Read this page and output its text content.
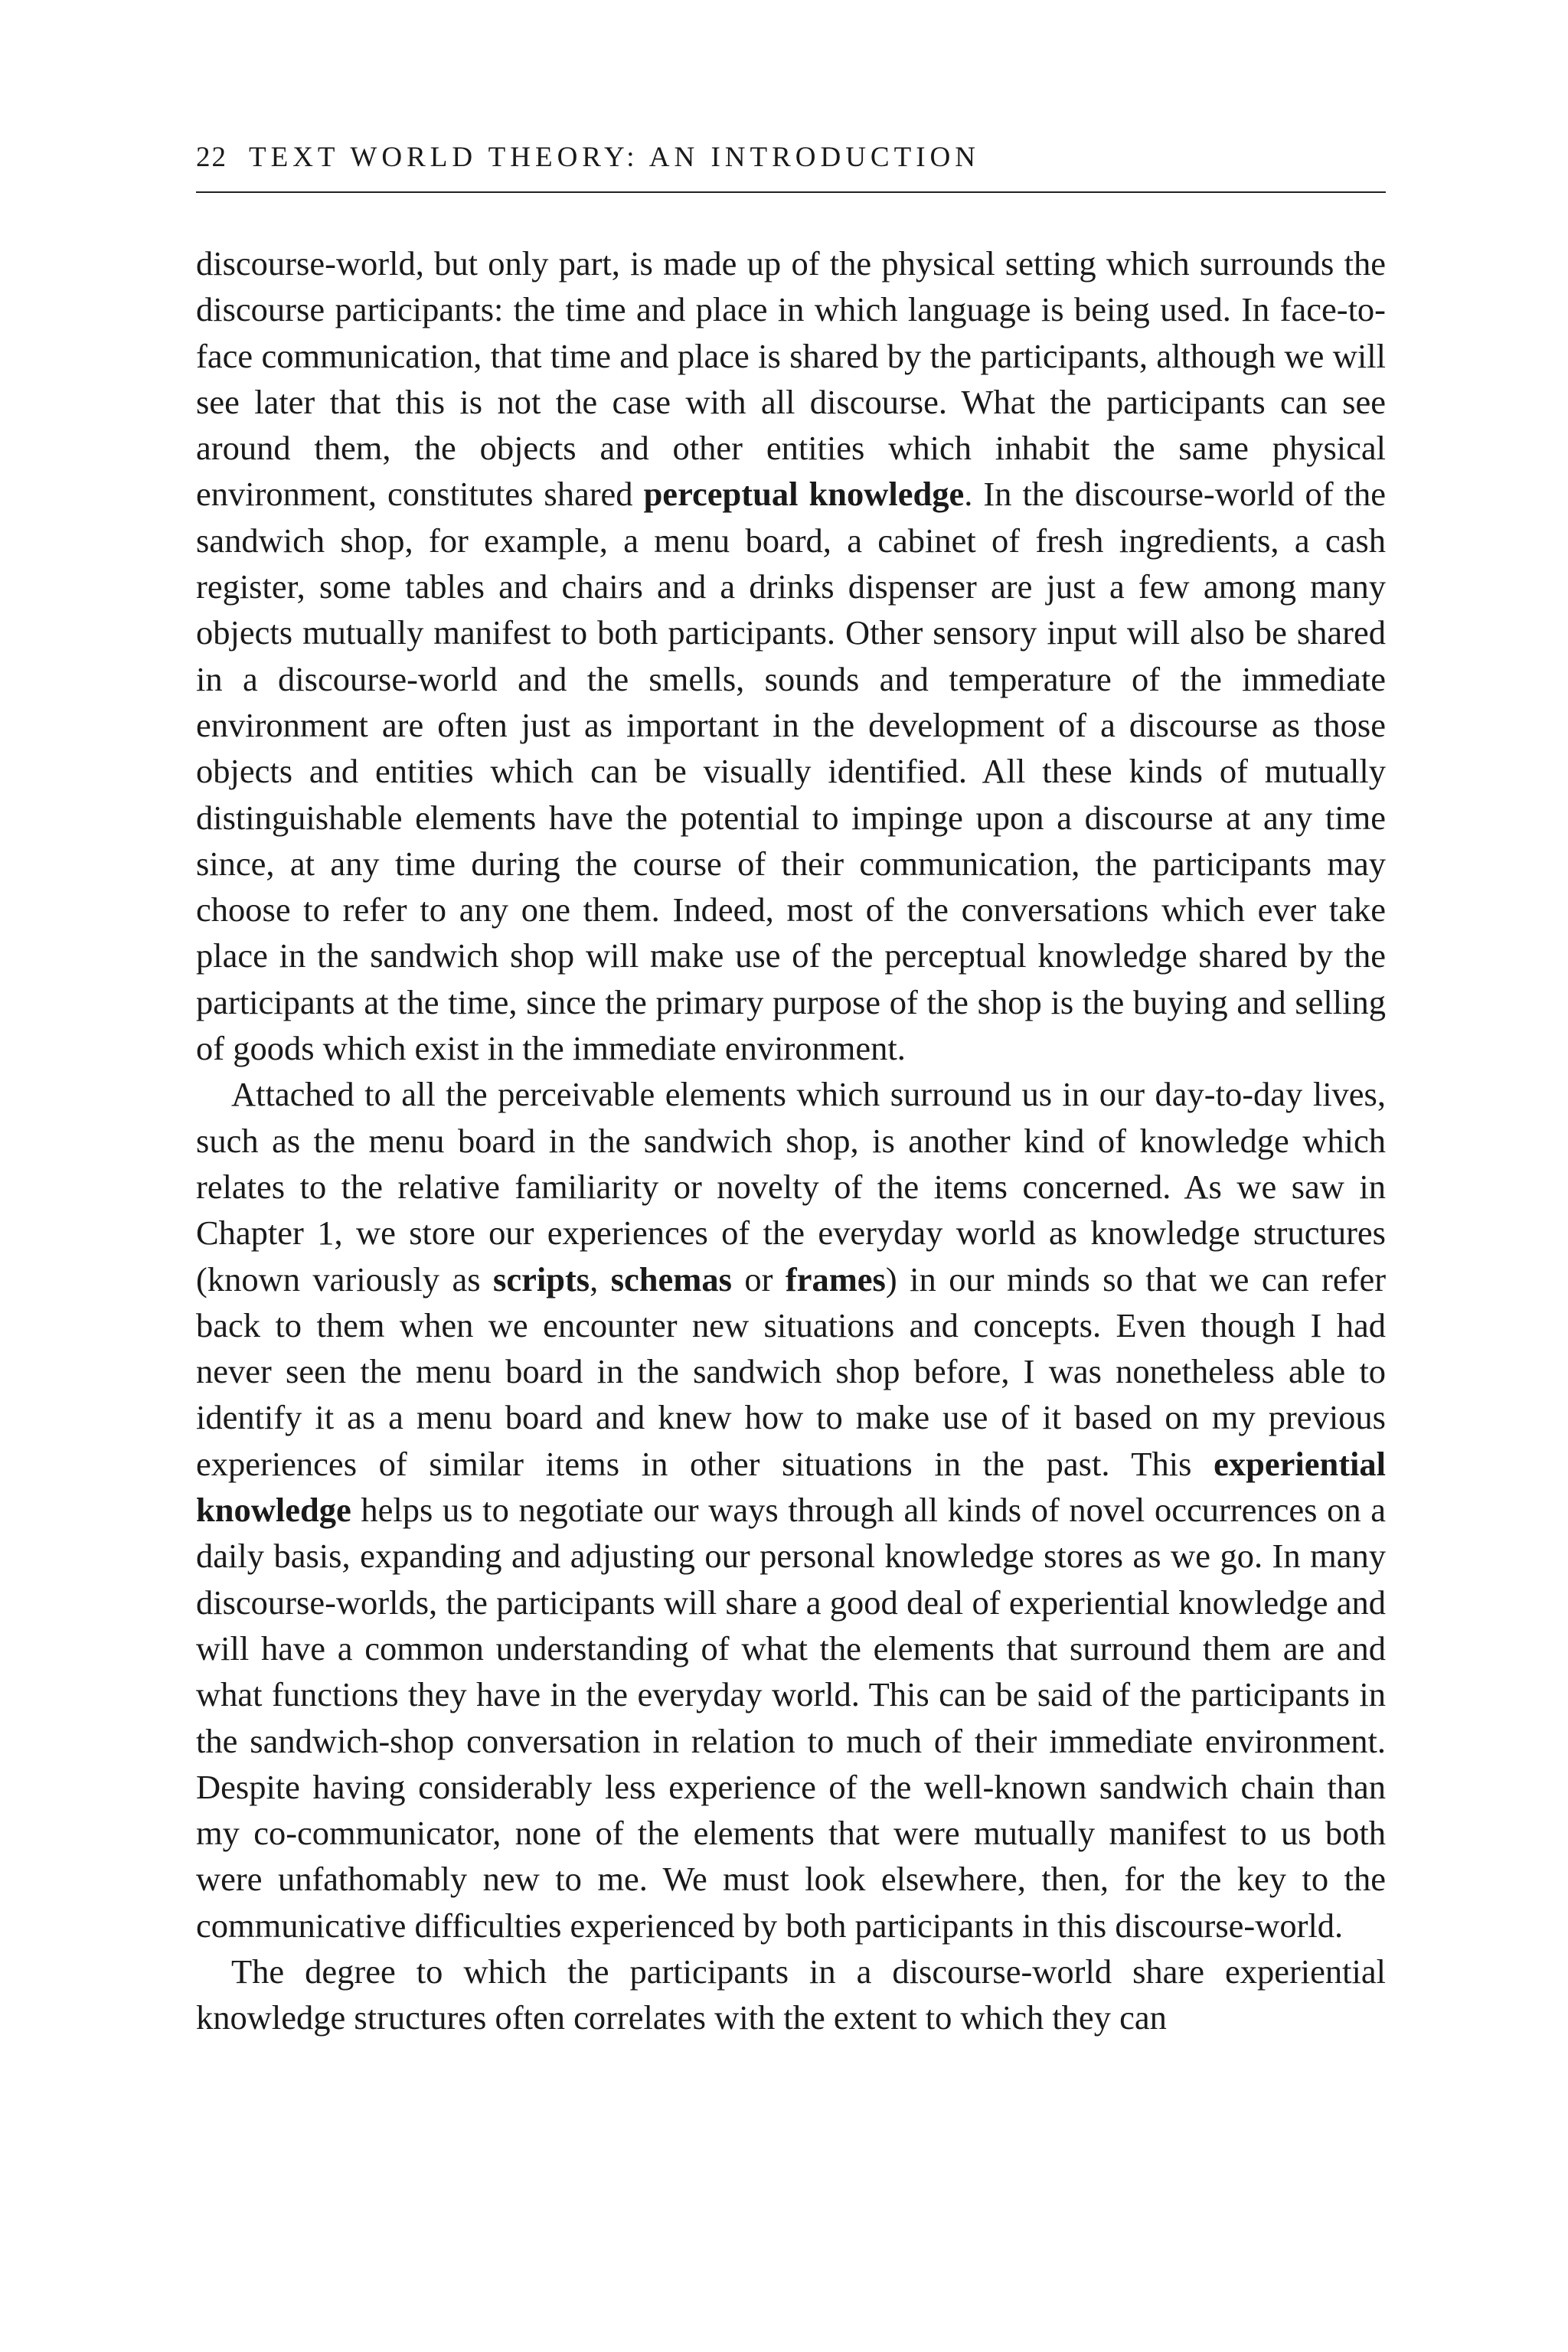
22 TEXT WORLD THEORY: AN INTRODUCTION

discourse-world, but only part, is made up of the physical setting which surrounds the discourse participants: the time and place in which language is being used. In face-to-face communication, that time and place is shared by the participants, although we will see later that this is not the case with all discourse. What the participants can see around them, the objects and other entities which inhabit the same physical environment, constitutes shared perceptual knowledge. In the discourse-world of the sandwich shop, for example, a menu board, a cabinet of fresh ingredients, a cash register, some tables and chairs and a drinks dispenser are just a few among many objects mutually manifest to both participants. Other sensory input will also be shared in a discourse-world and the smells, sounds and temperature of the immediate environment are often just as important in the development of a discourse as those objects and entities which can be visually identified. All these kinds of mutually distinguishable elements have the potential to impinge upon a discourse at any time since, at any time during the course of their communication, the participants may choose to refer to any one them. Indeed, most of the conversations which ever take place in the sandwich shop will make use of the perceptual knowledge shared by the participants at the time, since the primary purpose of the shop is the buying and selling of goods which exist in the immediate environment.

Attached to all the perceivable elements which surround us in our day-to-day lives, such as the menu board in the sandwich shop, is another kind of knowledge which relates to the relative familiarity or novelty of the items concerned. As we saw in Chapter 1, we store our experiences of the everyday world as knowledge structures (known variously as scripts, schemas or frames) in our minds so that we can refer back to them when we encounter new situations and concepts. Even though I had never seen the menu board in the sandwich shop before, I was nonetheless able to identify it as a menu board and knew how to make use of it based on my previous experiences of similar items in other situations in the past. This experiential knowledge helps us to negotiate our ways through all kinds of novel occurrences on a daily basis, expanding and adjusting our personal knowledge stores as we go. In many discourse-worlds, the participants will share a good deal of experiential knowledge and will have a common understanding of what the elements that surround them are and what functions they have in the everyday world. This can be said of the participants in the sandwich-shop conversation in relation to much of their immediate environment. Despite having considerably less experience of the well-known sandwich chain than my co-communicator, none of the elements that were mutually manifest to us both were unfathomably new to me. We must look elsewhere, then, for the key to the communicative difficulties experienced by both participants in this discourse-world.

The degree to which the participants in a discourse-world share experiential knowledge structures often correlates with the extent to which they can
